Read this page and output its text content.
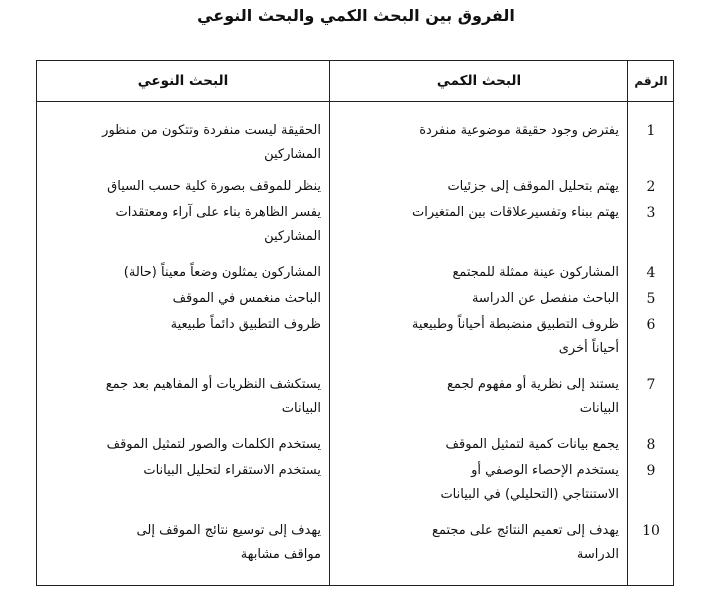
الفروق بين البحث الكمي والبحث النوعي
الرقم
البحث الكمي
البحث النوعي
1
يفترض وجود حقيقة موضوعية منفردة
الحقيقة ليست منفردة وتتكون من منظور
المشاركين
2
يهتم بتحليل الموقف إلى جزئيات
ينظر للموقف بصورة كلية حسب السياق
3
يهتم ببناء وتفسيرعلاقات بين المتغيرات
يفسر الظاهرة بناء على آراء ومعتقدات
المشاركين
4
المشاركون عينة ممثلة للمجتمع
المشاركون يمثلون وضعاً معيناً (حالة)
5
الباحث منفصل عن الدراسة
الباحث منغمس في الموقف
6
ظروف التطبيق منضبطة أحياناً وطبيعية
أحياناً أخرى
ظروف التطبيق دائماً طبيعية
7
يستند إلى نظرية أو مفهوم لجمع
البيانات
يستكشف النظريات أو المفاهيم بعد جمع
البيانات
8
يجمع بيانات كمية لتمثيل الموقف
يستخدم الكلمات والصور لتمثيل الموقف
9
يستخدم الإحصاء الوصفي أو
الاستنتاجي (التحليلي) في البيانات
يستخدم الاستقراء لتحليل البيانات
10
يهدف إلى تعميم النتائج على مجتمع
الدراسة
يهدف إلى توسيع نتائج الموقف إلى
مواقف مشابهة
